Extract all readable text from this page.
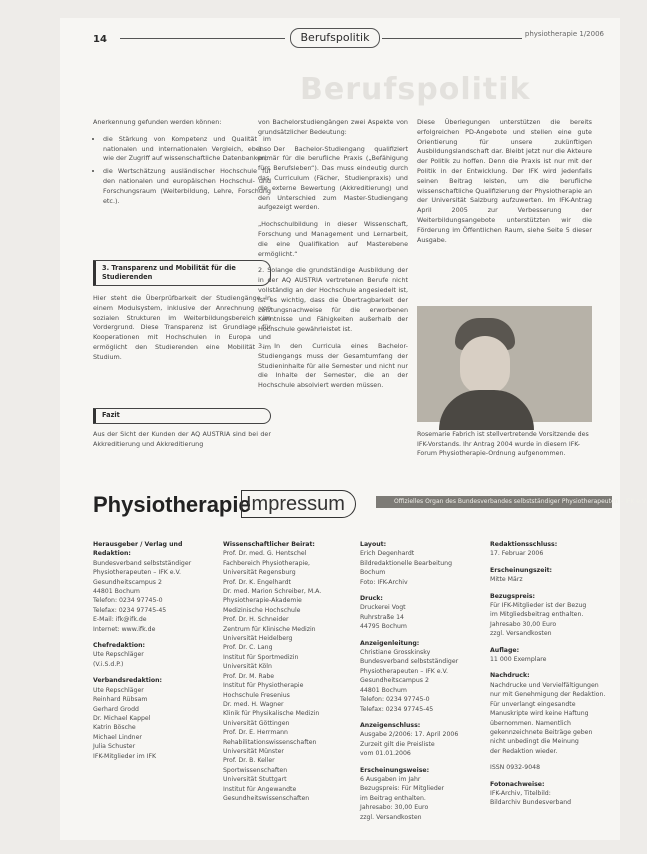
14	Berufspolitik	physiotherapie 1/2006
Berufspolitik

Anerkennung gefunden werden können:

• die Stärkung von Kompetenz und Qualität im nationalen und internationalen Vergleich, ebenso wie der Zugriff auf wissenschaftliche Datenbanken;
• die Wertschätzung ausländischer Hochschule für den nationalen und europäischen Hochschul- und Forschungsraum (Weiterbildung, Lehre, Forschung etc.).
3. Transparenz und Mobilität für die Studierenden
Hier steht die Überprüfbarkeit der Studiengänge in einem Modulsystem, inklusive der Anrechnung von sozialen Strukturen im Weiterbildungsbereich im Vordergrund. Diese Transparenz ist Grundlage für Kooperationen mit Hochschulen in Europa und ermöglicht den Studierenden eine Mobilität im Studium.
Fazit
Aus der Sicht der Kunden der AQ AUSTRIA sind bei der Akkreditierung und Akkreditierung

von Bachelorstudiengängen zwei Aspekte von grundsätzlicher Bedeutung:

1. Der Bachelor-Studiengang qualifiziert primär für die berufliche Praxis („Befähigung fürs Berufsleben“). Das muss eindeutig durch das Curriculum (Fächer, Studienpraxis) und die externe Bewertung (Akkreditierung) und den Unterschied zum Master-Studiengang aufgezeigt werden.

„Hochschulbildung in dieser Wissenschaft, Forschung und Management und Lernarbeit, die eine Qualifikation auf Masterebene ermöglicht.“

2. Solange die grundständige Ausbildung der in der AQ AUSTRIA vertretenen Berufe nicht vollständig an der Hochschule angesiedelt ist, ist es wichtig, dass die Übertragbarkeit der Leistungsnachweise für die erworbenen Kenntnisse und Fähigkeiten außerhalb der Hochschule gewährleistet ist.

3. In den Curricula eines Bachelor-Studiengangs muss der Gesamtumfang der Studieninhalte für alle Semester und nicht nur die Inhalte der Semester, die an der Hochschule absolviert werden müssen.

Diese Überlegungen unterstützen die bereits erfolgreichen PD-Angebote und stellen eine gute Orientierung für unsere zukünftigen Ausbildungslandschaft dar. Bleibt jetzt nur die Akteure der Politik zu hoffen. Denn die Praxis ist nur mit der Politik in der Entwicklung. Der IFK wird jedenfalls seinen Beitrag leisten, um die berufliche wissenschaftliche Qualifizierung der Physiotherapie an der Universität Salzburg aufzuwerten. Im IFK-Antrag April 2005 zur Verbesserung der Weiterbildungsangebote unterstützten wir die Förderung im Öffentlichen Raum, siehe Seite 5 dieser Ausgabe.

Rosemarie Fabrich ist stellvertretende Vorsitzende des IFK-Vorstands. Ihr Antrag 2004 wurde in diesem IFK-Forum Physiotherapie-Ordnung aufgenommen.
Physiotherapie
Impressum	Offizielles Organ des Bundesverbandes selbstständiger Physiotherapeuten – IFK e.V.
Herausgeber / Verlag und Redaktion:
Bundesverband selbstständiger
Physiotherapeuten – IFK e.V.
Gesundheitscampus 2
44801 Bochum
Telefon: 0234 97745-0
Telefax: 0234 97745-45
E-Mail: ifk@ifk.de
Internet: www.ifk.de
Chefredaktion:
Ute Repschläger
(V.i.S.d.P.)
Verbandsredaktion:
Ute Repschläger
Reinhard Rübsam
Gerhard Grodd
Dr. Michael Kappel
Katrin Bösche
Michael Lindner
Julia Schuster
IFK-Mitglieder im IFK
Wissenschaftlicher Beirat:
Prof. Dr. med. G. Hentschel
Fachbereich Physiotherapie,
Universität Regensburg
Prof. Dr. K. Engelhardt
Dr. med. Marion Schreiber, M.A.
Physiotherapie-Akademie
Medizinische Hochschule
Prof. Dr. H. Schneider
Zentrum für Klinische Medizin
Universität Heidelberg
Prof. Dr. C. Lang
Institut für Sportmedizin
Universität Köln
Prof. Dr. M. Rabe
Institut für Physiotherapie
Hochschule Fresenius
Dr. med. H. Wagner
Klinik für Physikalische Medizin
Universität Göttingen
Prof. Dr. E. Herrmann
Rehabilitationswissenschaften
Universität Münster
Prof. Dr. B. Keller
Sportwissenschaften
Universität Stuttgart
Institut für Angewandte
Gesundheitswissenschaften
Layout:
Erich Degenhardt
Bildredaktionelle Bearbeitung
Bochum
Foto: IFK-Archiv
Druck:
Druckerei Vogt
Ruhrstraße 14
44795 Bochum
Anzeigenleitung:
Christiane Grosskinsky
Bundesverband selbstständiger
Physiotherapeuten – IFK e.V.
Gesundheitscampus 2
44801 Bochum
Telefon: 0234 97745-0
Telefax: 0234 97745-45
Anzeigenschluss:
Ausgabe 2/2006: 17. April 2006
Zurzeit gilt die Preisliste
vom 01.01.2006
Erscheinungsweise:
6 Ausgaben im Jahr
Bezugspreis: Für Mitglieder
im Beitrag enthalten.
Jahresabo: 30,00 Euro
zzgl. Versandkosten
Redaktionsschluss:
17. Februar 2006
Erscheinungszeit:
Mitte März
Bezugspreis:
Für IFK-Mitglieder ist der Bezug
im Mitgliedsbeitrag enthalten.
Jahresabo 30,00 Euro
zzgl. Versandkosten
Auflage:
11 000 Exemplare
Nachdruck:
Nachdrucke und Vervielfältigungen
nur mit Genehmigung der Redaktion.
Für unverlangt eingesandte
Manuskripte wird keine Haftung
übernommen. Namentlich
gekennzeichnete Beiträge geben
nicht unbedingt die Meinung
der Redaktion wieder.
ISSN 0932-9048
Fotonachweise:
IFK-Archiv, Titelbild:
Bildarchiv Bundesverband
